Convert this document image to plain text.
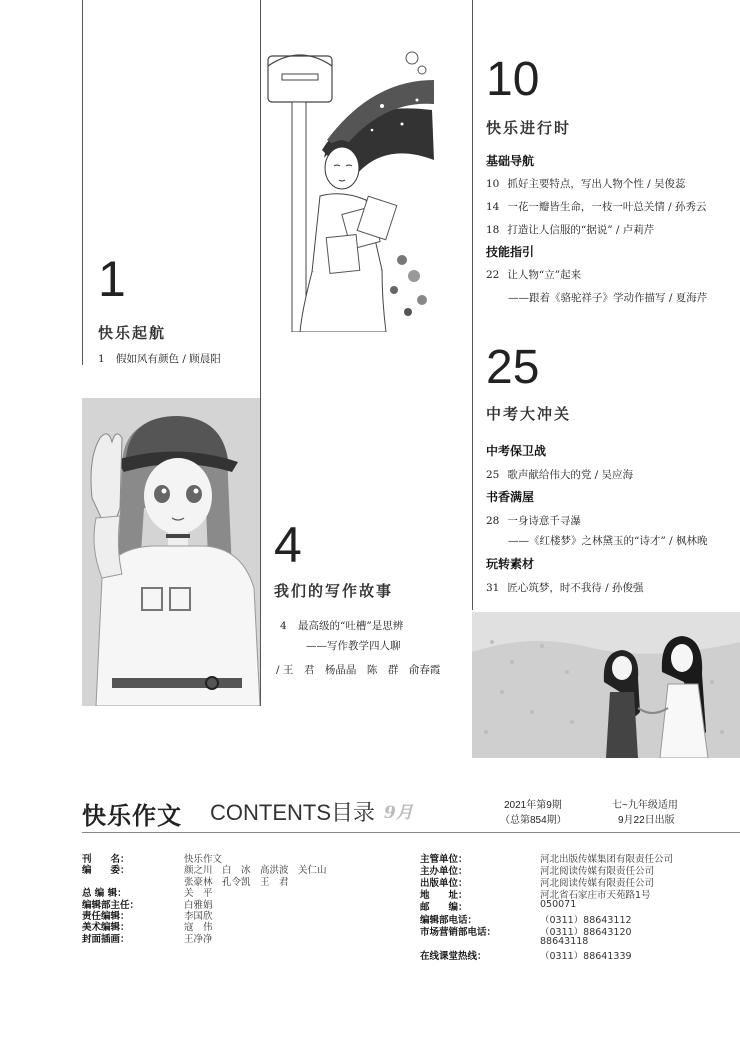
1
快乐起航
1 假如风有颜色 / 顾晨阳
4
我们的写作故事
4 最高级的“吐槽”是思辨
——写作教学四人聊
/ 王　君　杨晶晶　陈　群　俞春霞
10
快乐进行时
基础导航
10 抓好主要特点，写出人物个性 / 吴俊蕊
14 一花一瓣皆生命，一枝一叶总关情 / 孙秀云
18 打造让人信服的“据说” / 卢莉芹
技能指引
22 让人物“立”起来
——跟着《骆驼祥子》学动作描写 / 夏海芹
25
中考大冲关
中考保卫战
25 歌声献给伟大的党 / 吴应海
书香满屋
28 一身诗意千寻瀑
——《红楼梦》之林黛玉的“诗才” / 枫林晚
玩转素材
31 匠心筑梦，时不我待 / 孙俊强
快乐作文 CONTENTS目录 9月	2021年第9期
（总第854期）
七~九年级适用
9月22日出版
刊　　名：	快乐作文
编　　委：	颜之川　白　冰　高洪波　关仁山
张豪林　孔令凯　王　君
总 编 辑：	关　平
编辑部主任：	白雅娟
责任编辑：	李国欣
美术编辑：	寇　伟
封面插画：	王净净
主管单位：	河北出版传媒集团有限责任公司
主办单位：	河北阅读传媒有限责任公司
出版单位：	河北阅读传媒有限责任公司
地　　址：	河北省石家庄市天苑路1号
邮　　编：	050071
编辑部电话：	（0311）88643112
市场营销部电话：	（0311）88643120
88643118
在线课堂热线：	（0311）88641339
